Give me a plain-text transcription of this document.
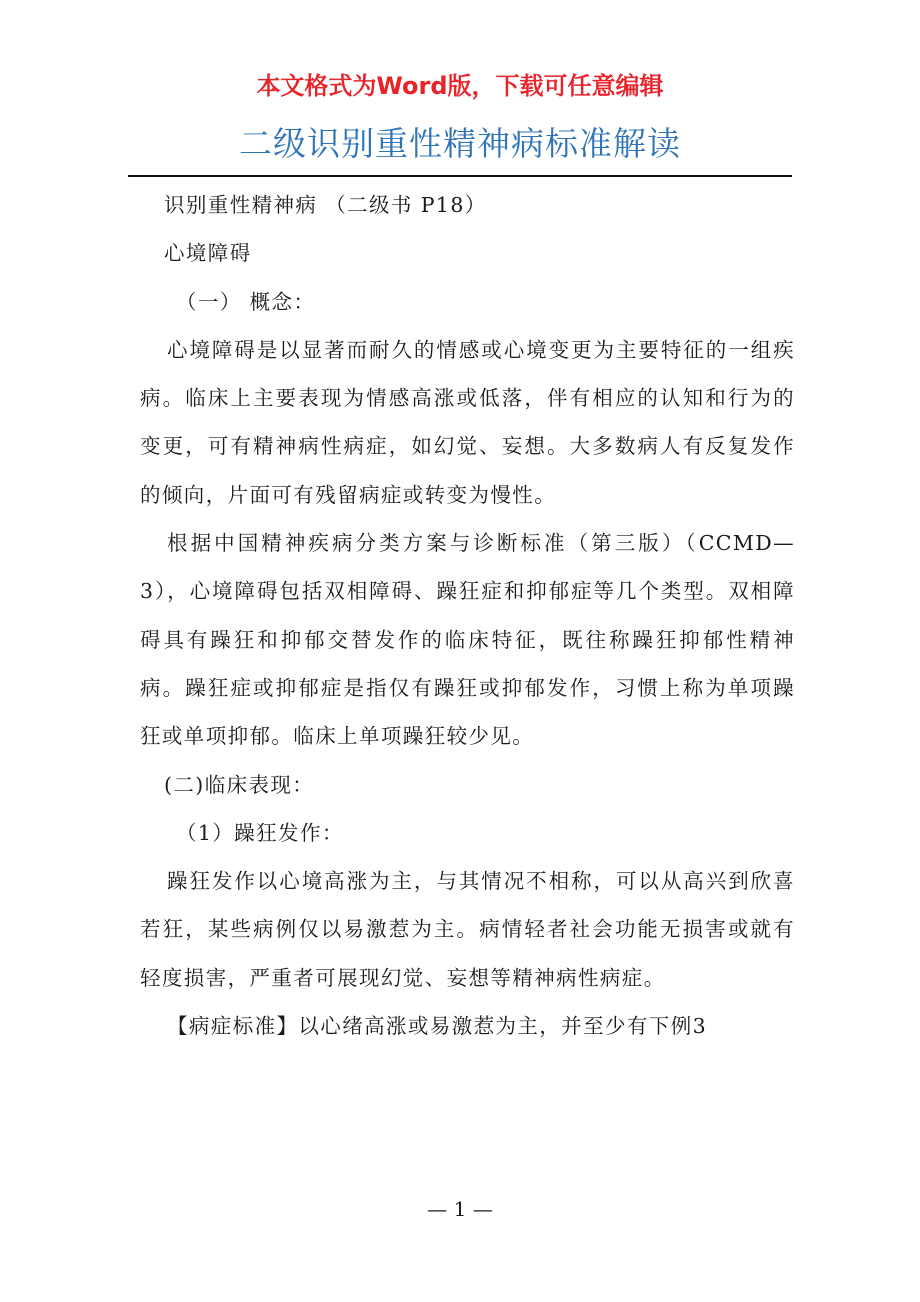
本文格式为Word版，下载可任意编辑
二级识别重性精神病标准解读

识别重性精神病 （二级书 P18）

心境障碍

（一） 概念：

心境障碍是以显著而耐久的情感或心境变更为主要特征的一组疾病。临床上主要表现为情感高涨或低落，伴有相应的认知和行为的变更，可有精神病性病症，如幻觉、妄想。大多数病人有反复发作的倾向，片面可有残留病症或转变为慢性。

根据中国精神疾病分类方案与诊断标准（第三版）（CCMD—3），心境障碍包括双相障碍、躁狂症和抑郁症等几个类型。双相障碍具有躁狂和抑郁交替发作的临床特征，既往称躁狂抑郁性精神病。躁狂症或抑郁症是指仅有躁狂或抑郁发作，习惯上称为单项躁狂或单项抑郁。临床上单项躁狂较少见。

(二)临床表现：

（1）躁狂发作：

躁狂发作以心境高涨为主，与其情况不相称，可以从高兴到欣喜若狂，某些病例仅以易激惹为主。病情轻者社会功能无损害或就有轻度损害，严重者可展现幻觉、妄想等精神病性病症。

【病症标准】以心绪高涨或易激惹为主，并至少有下例3

— 1 —
